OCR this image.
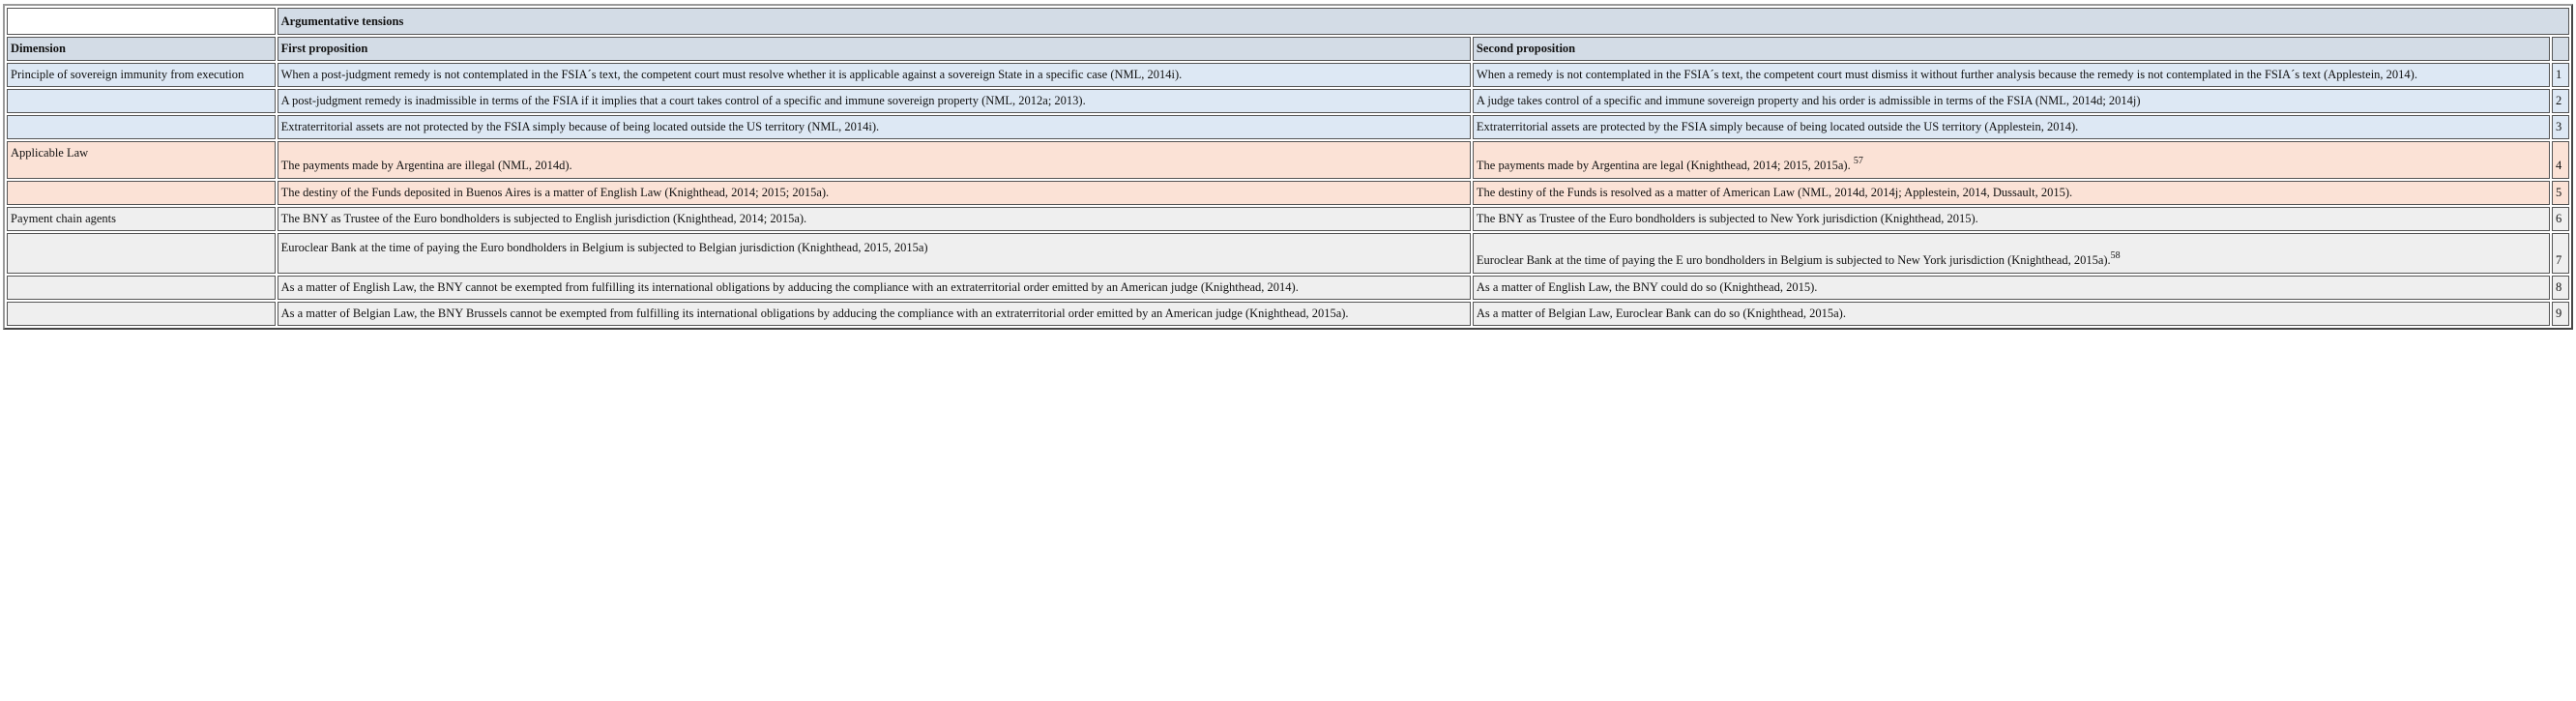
	Argumentative tensions		
Dimension	First proposition	Second proposition	
Principle of sovereign immunity from execution	When a post-judgment remedy is not contemplated in the FSIA´s text, the competent court must resolve whether it is applicable against a sovereign State in a specific case (NML, 2014i).	When a remedy is not contemplated in the FSIA´s text, the competent court must dismiss it without further analysis because the remedy is not contemplated in the FSIA´s text (Applestein, 2014).	1
	A post-judgment remedy is inadmissible in terms of the FSIA if it implies that a court takes control of a specific and immune sovereign property (NML, 2012a; 2013).	A judge takes control of a specific and immune sovereign property and his order is admissible in terms of the FSIA (NML, 2014d; 2014j)	2
	Extraterritorial assets are not protected by the FSIA simply because of being located outside the US territory (NML, 2014i).	Extraterritorial assets are protected by the FSIA simply because of being located outside the US territory (Applestein, 2014).	3
Applicable Law	The payments made by Argentina are illegal (NML, 2014d).	The payments made by Argentina are legal (Knighthead, 2014; 2015, 2015a). $^{57}$	4
	The destiny of the Funds deposited in Buenos Aires is a matter of English Law (Knighthead, 2014; 2015; 2015a).	The destiny of the Funds is resolved as a matter of American Law (NML, 2014d, 2014j; Applestein, 2014, Dussault, 2015).	5
Payment chain agents	The BNY as Trustee of the Euro bondholders is subjected to English jurisdiction (Knighthead, 2014; 2015a).	The BNY as Trustee of the Euro bondholders is subjected to New York jurisdiction (Knighthead, 2015).	6
	Euroclear Bank at the time of paying the Euro bondholders in Belgium is subjected to Belgian jurisdiction (Knighthead, 2015, 2015a)	Euroclear Bank at the time of paying the E uro bondholders in Belgium is subjected to New York jurisdiction (Knighthead, 2015a).$^{58}$	7
	As a matter of English Law, the BNY cannot be exempted from fulfilling its international obligations by adducing the compliance with an extraterritorial order emitted by an American judge (Knighthead, 2014).	As a matter of English Law, the BNY could do so (Knighthead, 2015).	8
	As a matter of Belgian Law, the BNY Brussels cannot be exempted from fulfilling its international obligations by adducing the compliance with an extraterritorial order emitted by an American judge (Knighthead, 2015a).	As a matter of Belgian Law, Euroclear Bank can do so (Knighthead, 2015a).	9
